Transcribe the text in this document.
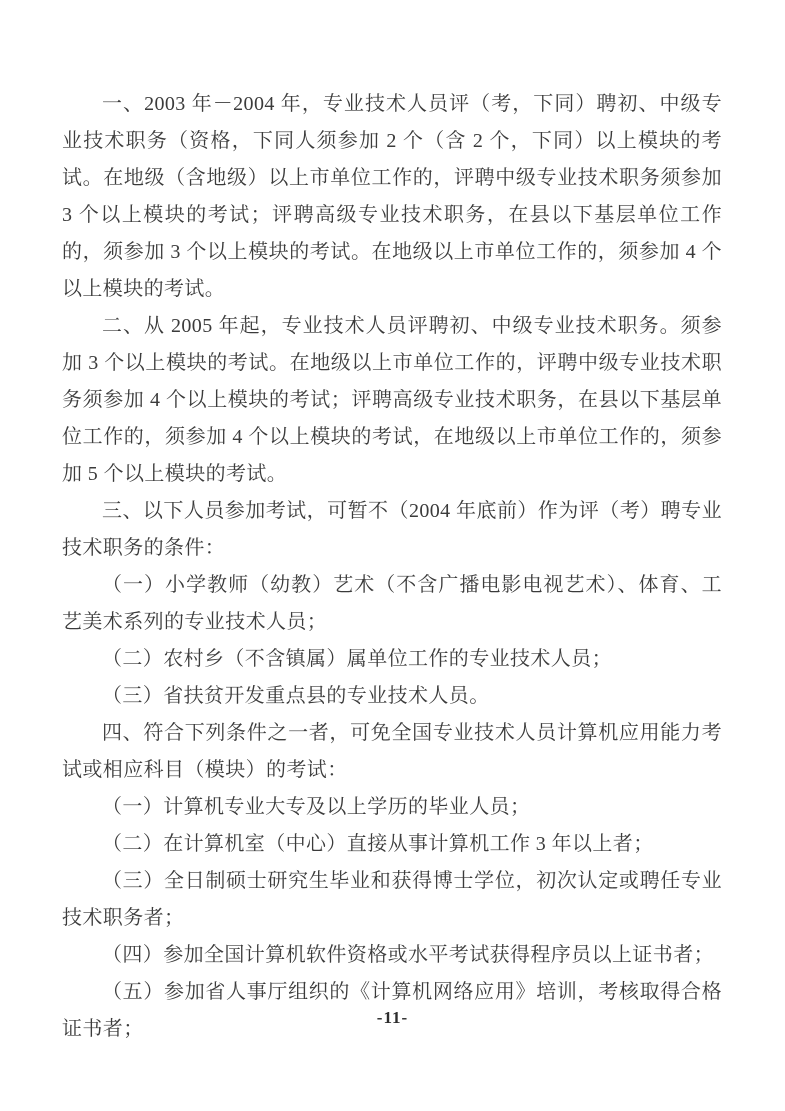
一、2003 年－2004 年，专业技术人员评（考，下同）聘初、中级专业技术职务（资格，下同人须参加 2 个（含 2 个，下同）以上模块的考试。在地级（含地级）以上市单位工作的，评聘中级专业技术职务须参加 3 个以上模块的考试；评聘高级专业技术职务，在县以下基层单位工作的，须参加 3 个以上模块的考试。在地级以上市单位工作的，须参加 4 个以上模块的考试。

二、从 2005 年起，专业技术人员评聘初、中级专业技术职务。须参加 3 个以上模块的考试。在地级以上市单位工作的，评聘中级专业技术职务须参加 4 个以上模块的考试；评聘高级专业技术职务，在县以下基层单位工作的，须参加 4 个以上模块的考试，在地级以上市单位工作的，须参加 5 个以上模块的考试。

三、以下人员参加考试，可暂不（2004 年底前）作为评（考）聘专业技术职务的条件：

（一）小学教师（幼教）艺术（不含广播电影电视艺术）、体育、工艺美术系列的专业技术人员；

（二）农村乡（不含镇属）属单位工作的专业技术人员；

（三）省扶贫开发重点县的专业技术人员。

四、符合下列条件之一者，可免全国专业技术人员计算机应用能力考试或相应科目（模块）的考试：

（一）计算机专业大专及以上学历的毕业人员；

（二）在计算机室（中心）直接从事计算机工作 3 年以上者；

（三）全日制硕士研究生毕业和获得博士学位，初次认定或聘任专业技术职务者；

（四）参加全国计算机软件资格或水平考试获得程序员以上证书者；

（五）参加省人事厅组织的《计算机网络应用》培训，考核取得合格证书者；

-11-
